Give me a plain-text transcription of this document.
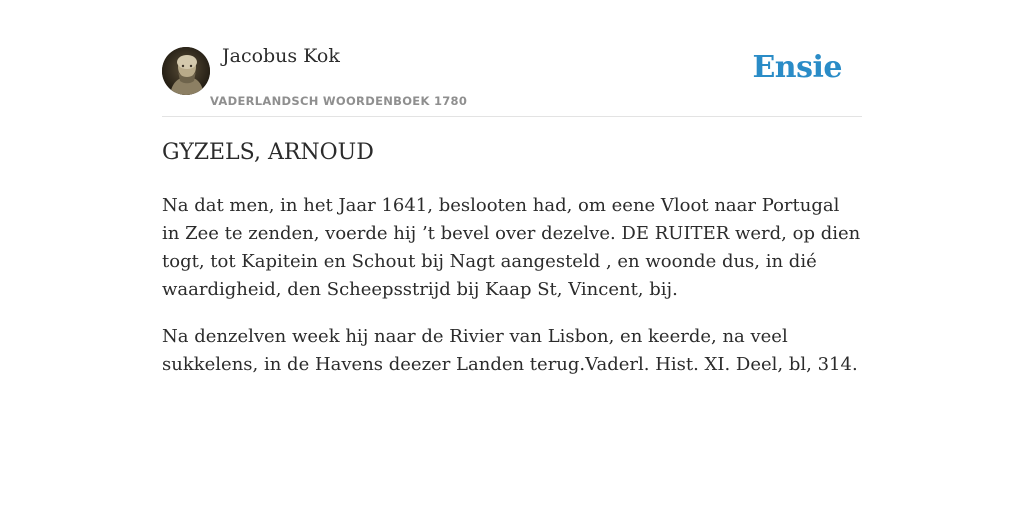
Jacobus Kok
VADERLANDSCH WOORDENBOEK 1780
Ensie
GYZELS, ARNOUD

Na dat men, in het Jaar 1641, beslooten had, om eene Vloot naar Portugal in Zee te zenden, voerde hij ’t bevel over dezelve. DE RUITER werd, op dien togt, tot Kapitein en Schout bij Nagt aangesteld , en woonde dus, in dié waardigheid, den Scheepsstrijd bij Kaap St, Vincent, bij.

Na denzelven week hij naar de Rivier van Lisbon, en keerde, na veel sukkelens, in de Havens deezer Landen terug.Vaderl. Hist. XI. Deel, bl, 314.
